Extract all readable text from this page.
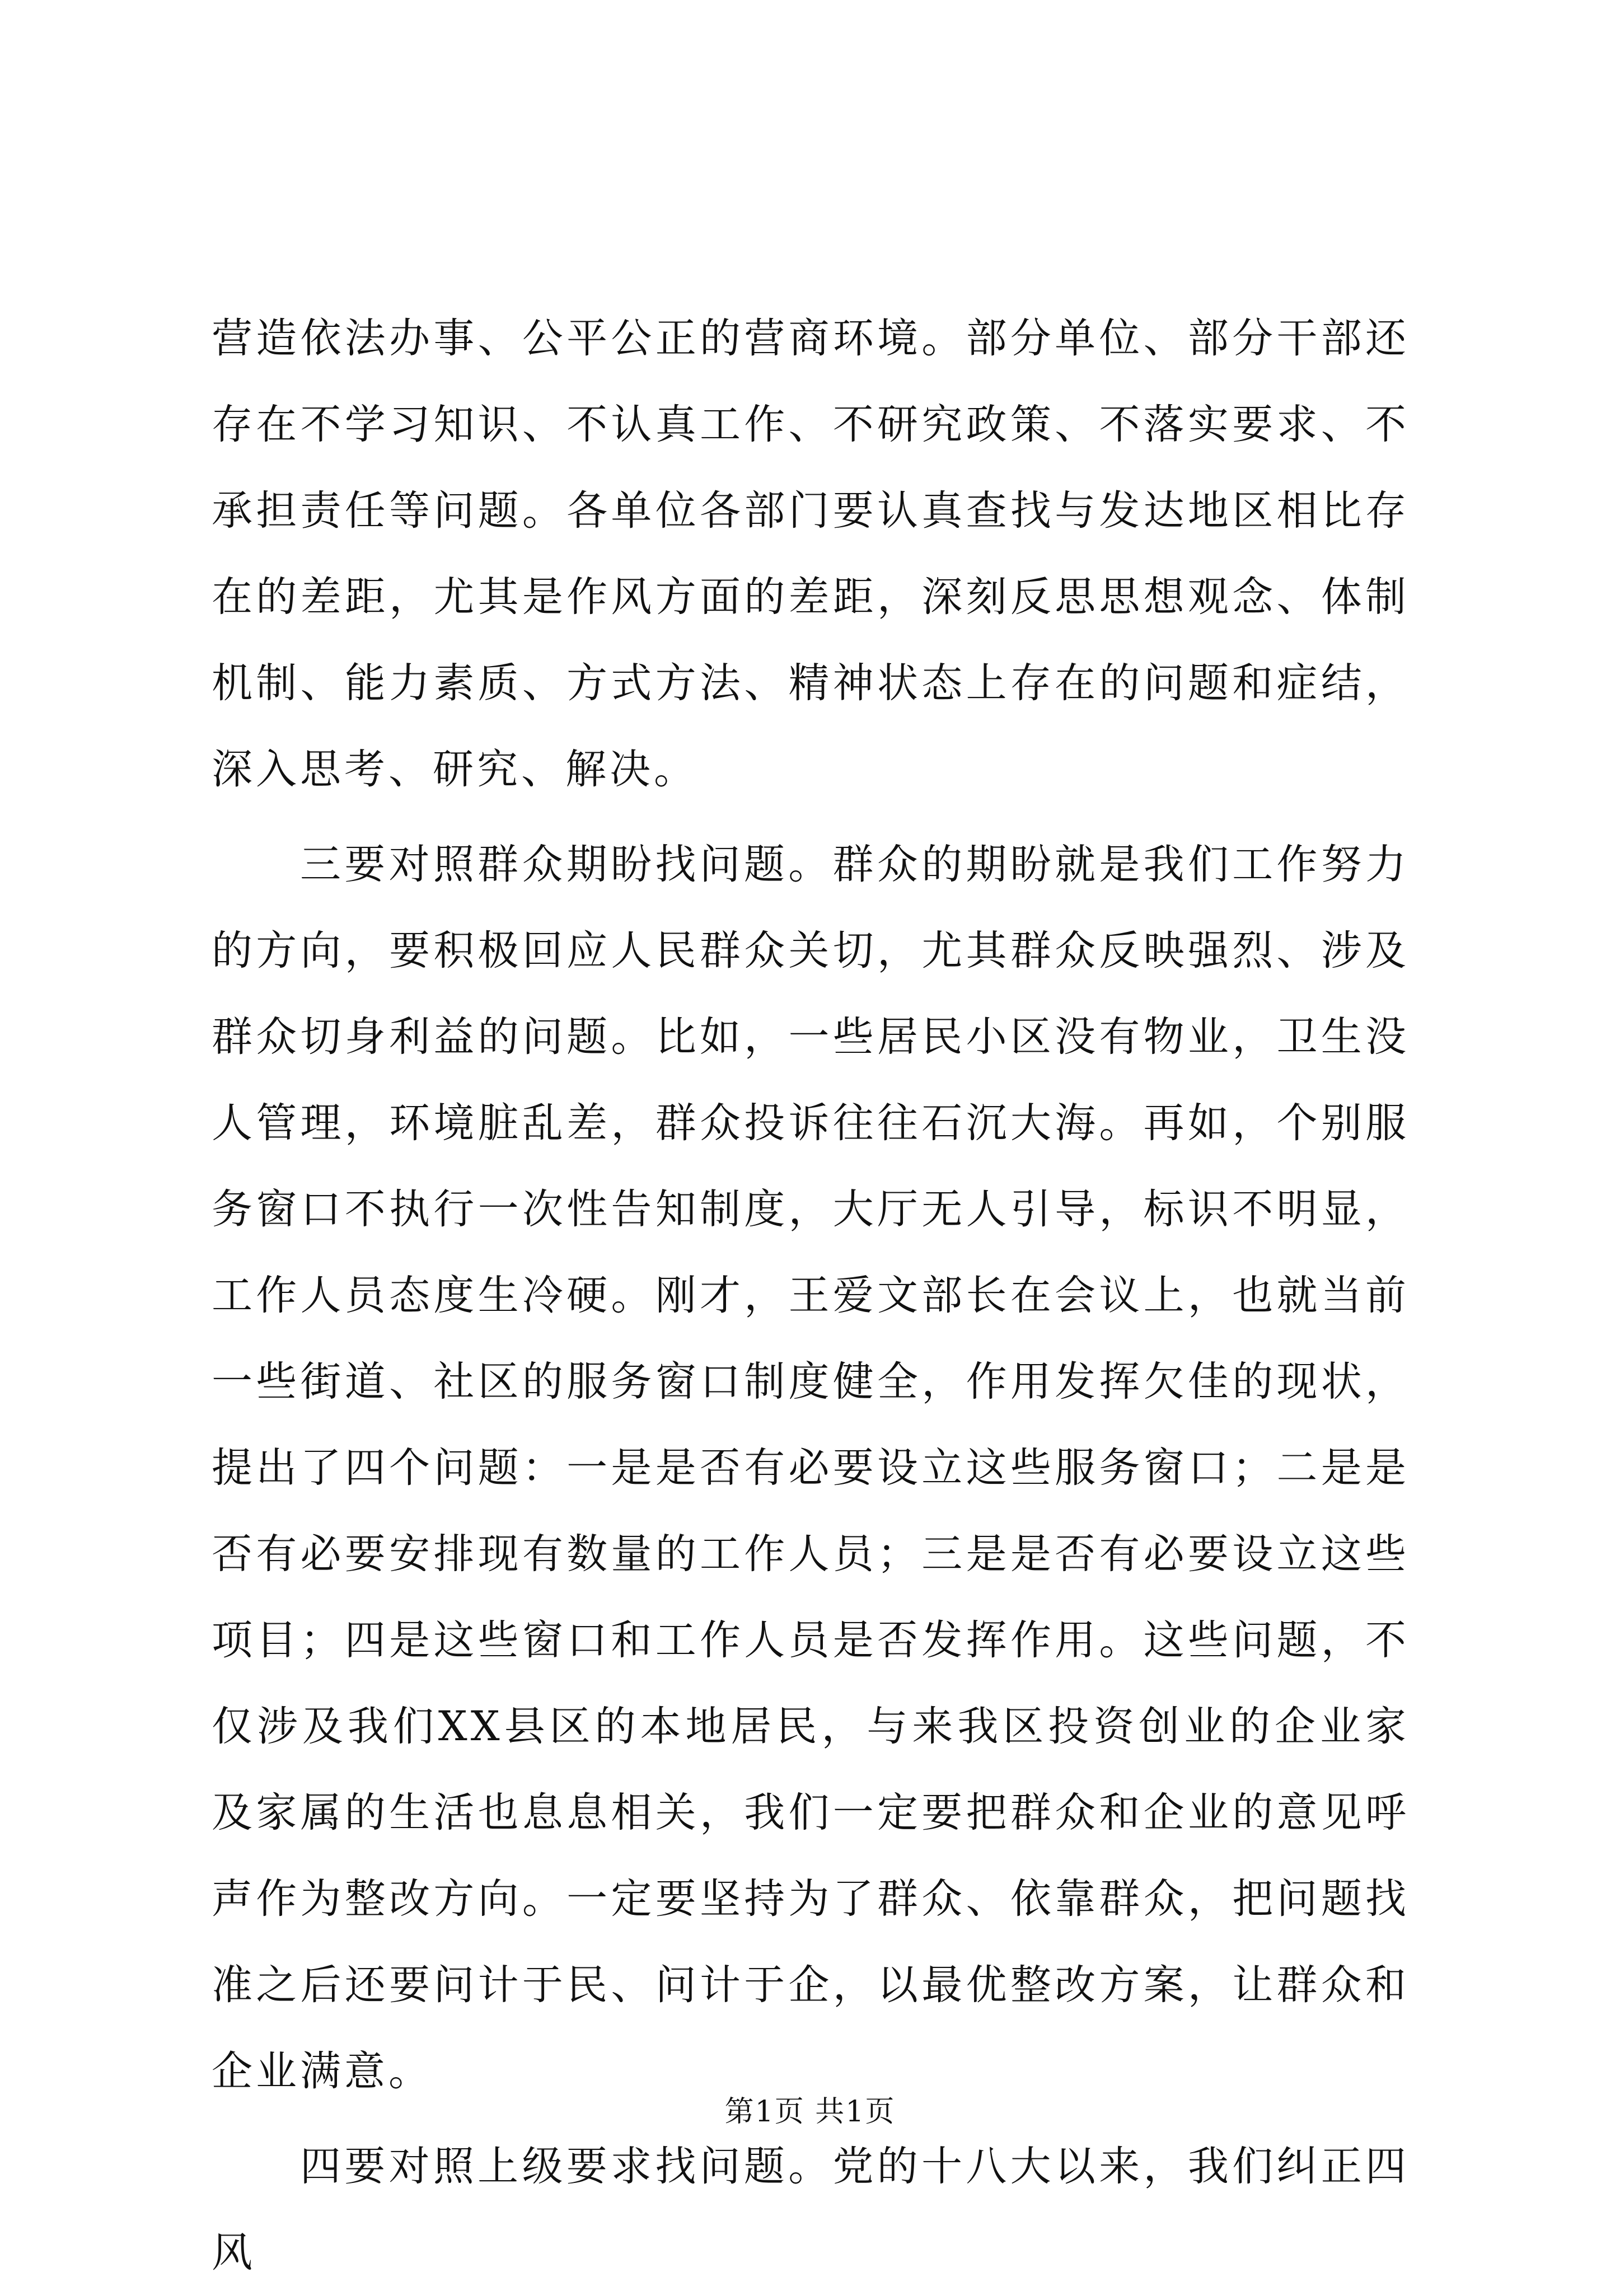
营造依法办事、公平公正的营商环境。部分单位、部分干部还存在不学习知识、不认真工作、不研究政策、不落实要求、不承担责任等问题。各单位各部门要认真查找与发达地区相比存在的差距，尤其是作风方面的差距，深刻反思思想观念、体制机制、能力素质、方式方法、精神状态上存在的问题和症结，深入思考、研究、解决。

三要对照群众期盼找问题。群众的期盼就是我们工作努力的方向，要积极回应人民群众关切，尤其群众反映强烈、涉及群众切身利益的问题。比如，一些居民小区没有物业，卫生没人管理，环境脏乱差，群众投诉往往石沉大海。再如，个别服务窗口不执行一次性告知制度，大厅无人引导，标识不明显，工作人员态度生冷硬。刚才，王爱文部长在会议上，也就当前一些街道、社区的服务窗口制度健全，作用发挥欠佳的现状，提出了四个问题：一是是否有必要设立这些服务窗口；二是是否有必要安排现有数量的工作人员；三是是否有必要设立这些项目；四是这些窗口和工作人员是否发挥作用。这些问题，不仅涉及我们XX县区的本地居民，与来我区投资创业的企业家及家属的生活也息息相关，我们一定要把群众和企业的意见呼声作为整改方向。一定要坚持为了群众、依靠群众，把问题找准之后还要问计于民、问计于企，以最优整改方案，让群众和企业满意。

四要对照上级要求找问题。党的十八大以来，我们纠正四风

第1页 共1页
